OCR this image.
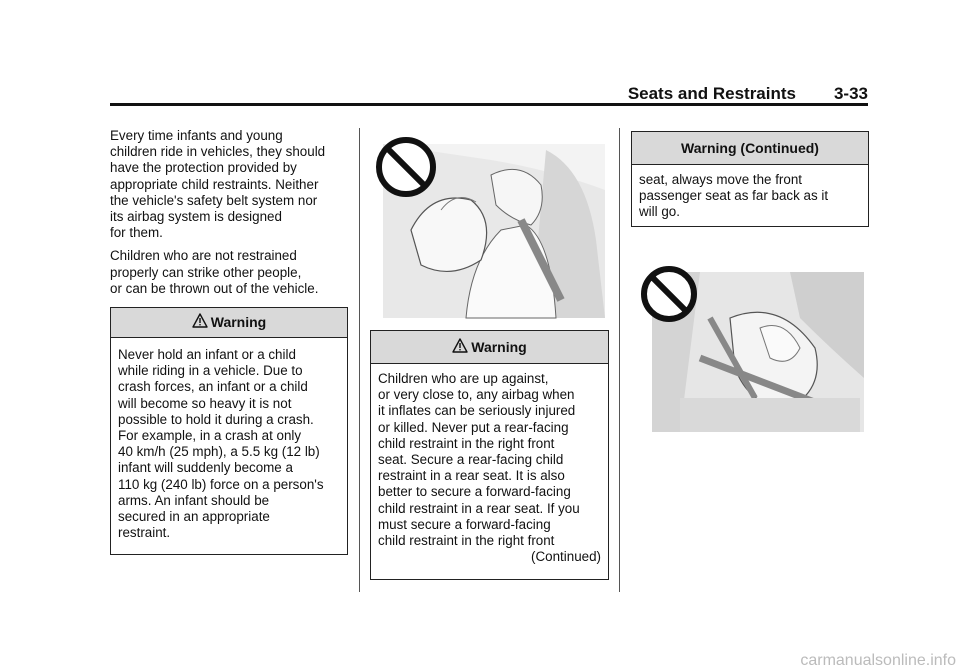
Seats and Restraints 3-33

Every time infants and young
children ride in vehicles, they should
have the protection provided by
appropriate child restraints. Neither
the vehicle's safety belt system nor
its airbag system is designed
for them.

Children who are not restrained
properly can strike other people,
or can be thrown out of the vehicle.

Warning
Never hold an infant or a child
while riding in a vehicle. Due to
crash forces, an infant or a child
will become so heavy it is not
possible to hold it during a crash.
For example, in a crash at only
40 km/h (25 mph), a 5.5 kg (12 lb)
infant will suddenly become a
110 kg (240 lb) force on a person's
arms. An infant should be
secured in an appropriate
restraint.
Warning
Children who are up against,
or very close to, any airbag when
it inflates can be seriously injured
or killed. Never put a rear-facing
child restraint in the right front
seat. Secure a rear-facing child
restraint in a rear seat. It is also
better to secure a forward-facing
child restraint in a rear seat. If you
must secure a forward-facing
child restraint in the right front
(Continued)
Warning (Continued)
seat, always move the front
passenger seat as far back as it
will go.
carmanualsonline.info
